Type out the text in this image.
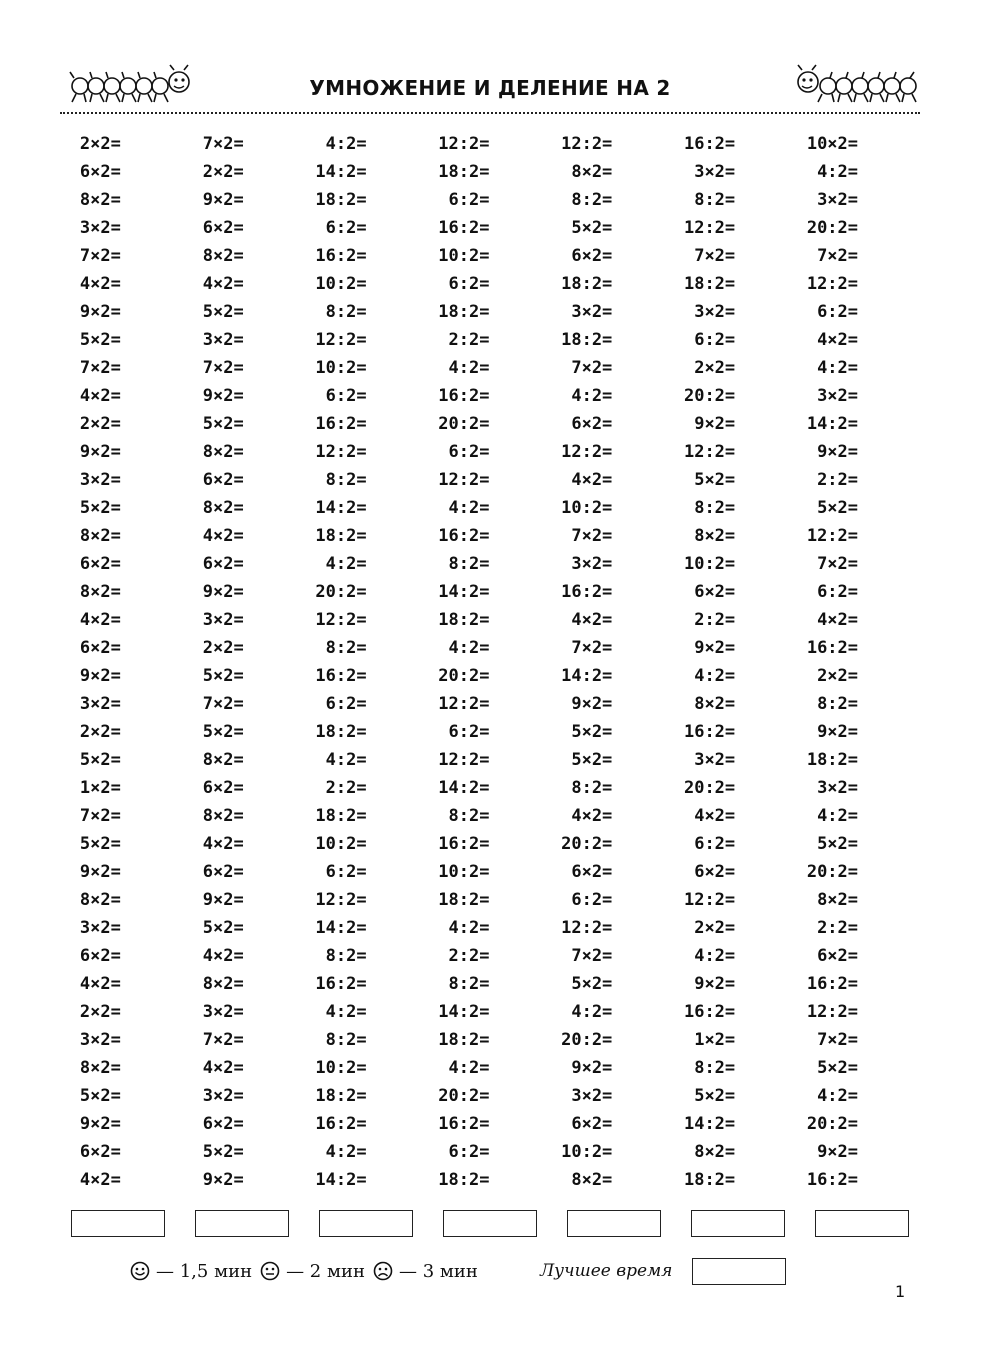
УМНОЖЕНИЕ И ДЕЛЕНИЕ НА 2
2×2=	7×2=	4:2=	12:2=	12:2=	16:2=	10×2=
6×2=	2×2=	14:2=	18:2=	8×2=	3×2=	4:2=
8×2=	9×2=	18:2=	6:2=	8:2=	8:2=	3×2=
3×2=	6×2=	6:2=	16:2=	5×2=	12:2=	20:2=
7×2=	8×2=	16:2=	10:2=	6×2=	7×2=	7×2=
4×2=	4×2=	10:2=	6:2=	18:2=	18:2=	12:2=
9×2=	5×2=	8:2=	18:2=	3×2=	3×2=	6:2=
5×2=	3×2=	12:2=	2:2=	18:2=	6:2=	4×2=
7×2=	7×2=	10:2=	4:2=	7×2=	2×2=	4:2=
4×2=	9×2=	6:2=	16:2=	4:2=	20:2=	3×2=
2×2=	5×2=	16:2=	20:2=	6×2=	9×2=	14:2=
9×2=	8×2=	12:2=	6:2=	12:2=	12:2=	9×2=
3×2=	6×2=	8:2=	12:2=	4×2=	5×2=	2:2=
5×2=	8×2=	14:2=	4:2=	10:2=	8:2=	5×2=
8×2=	4×2=	18:2=	16:2=	7×2=	8×2=	12:2=
6×2=	6×2=	4:2=	8:2=	3×2=	10:2=	7×2=
8×2=	9×2=	20:2=	14:2=	16:2=	6×2=	6:2=
4×2=	3×2=	12:2=	18:2=	4×2=	2:2=	4×2=
6×2=	2×2=	8:2=	4:2=	7×2=	9×2=	16:2=
9×2=	5×2=	16:2=	20:2=	14:2=	4:2=	2×2=
3×2=	7×2=	6:2=	12:2=	9×2=	8×2=	8:2=
2×2=	5×2=	18:2=	6:2=	5×2=	16:2=	9×2=
5×2=	8×2=	4:2=	12:2=	5×2=	3×2=	18:2=
1×2=	6×2=	2:2=	14:2=	8:2=	20:2=	3×2=
7×2=	8×2=	18:2=	8:2=	4×2=	4×2=	4:2=
5×2=	4×2=	10:2=	16:2=	20:2=	6:2=	5×2=
9×2=	6×2=	6:2=	10:2=	6×2=	6×2=	20:2=
8×2=	9×2=	12:2=	18:2=	6:2=	12:2=	8×2=
3×2=	5×2=	14:2=	4:2=	12:2=	2×2=	2:2=
6×2=	4×2=	8:2=	2:2=	7×2=	4:2=	6×2=
4×2=	8×2=	16:2=	8:2=	5×2=	9×2=	16:2=
2×2=	3×2=	4:2=	14:2=	4:2=	16:2=	12:2=
3×2=	7×2=	8:2=	18:2=	20:2=	1×2=	7×2=
8×2=	4×2=	10:2=	4:2=	9×2=	8:2=	5×2=
5×2=	3×2=	18:2=	20:2=	3×2=	5×2=	4:2=
9×2=	6×2=	16:2=	16:2=	6×2=	14:2=	20:2=
6×2=	5×2=	4:2=	6:2=	10:2=	8×2=	9×2=
4×2=	9×2=	14:2=	18:2=	8×2=	18:2=	16:2=
— 1,5 мин — 2 мин — 3 мин	Лучшее время
1
